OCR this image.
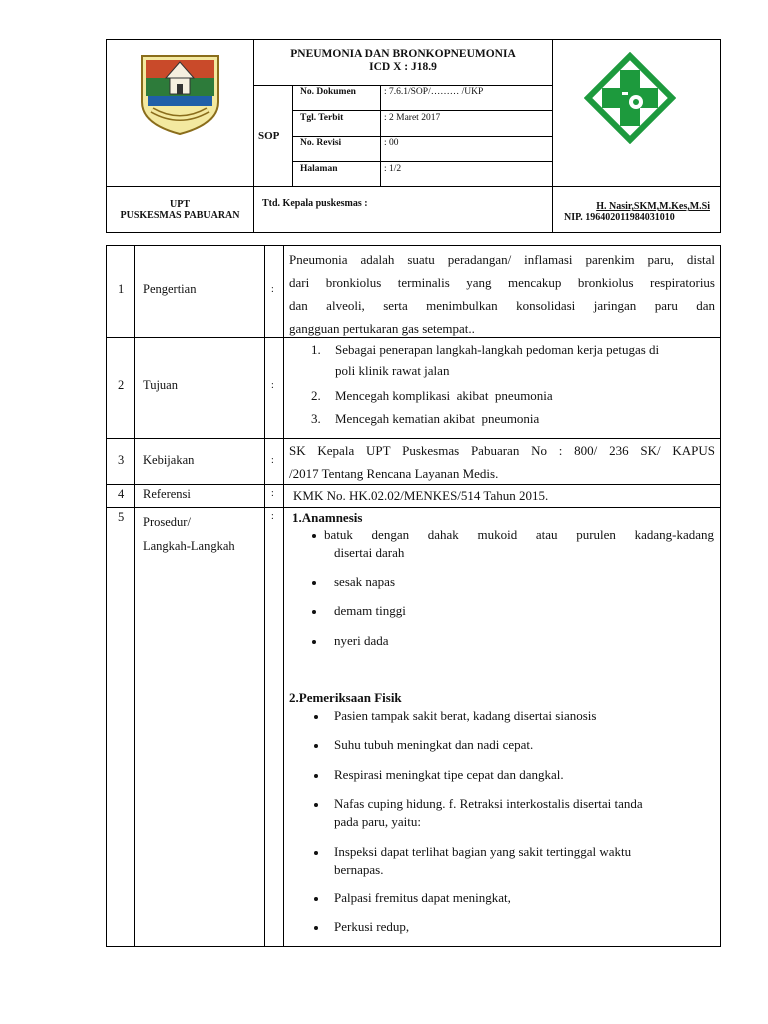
PNEUMONIA DAN BRONKOPNEUMONIA
ICD X : J18.9
SOP
No. Dokumen	: 7.6.1/SOP/……… /UKP
Tgl. Terbit	: 2 Maret 2017
No. Revisi	: 00
Halaman	: 1/2
UPT
PUSKESMAS PABUARAN
Ttd. Kepala puskesmas :	H. Nasir,SKM,M.Kes,M.Si
NIP. 196402011984031010
1 Pengertian	:
Pneumonia adalah suatu peradangan/ inflamasi parenkim paru, distal
dari bronkiolus terminalis yang mencakup bronkiolus respiratorius
dan alveoli, serta menimbulkan konsolidasi jaringan paru dan
gangguan pertukaran gas setempat..
2 Tujuan	:
1. Sebagai penerapan langkah-langkah pedoman kerja petugas di
poli klinik rawat jalan
2. Mencegah komplikasi  akibat  pneumonia
3. Mencegah kematian akibat  pneumonia
3 Kebijakan	:
SK Kepala UPT Puskesmas Pabuaran No : 800/ 236 SK/ KAPUS
/2017 Tentang Rencana Layanan Medis.
4 Referensi	: KMK No. HK.02.02/MENKES/514 Tahun 2015.
5 Prosedur/
Langkah-Langkah
: 1.Anamnesis
batuk dengan dahak mukoid atau purulen kadang-kadang
disertai darah
sesak napas
demam tinggi
nyeri dada
2.Pemeriksaan Fisik
Pasien tampak sakit berat, kadang disertai sianosis
Suhu tubuh meningkat dan nadi cepat.
Respirasi meningkat tipe cepat dan dangkal.
Nafas cuping hidung. f. Retraksi interkostalis disertai tanda
pada paru, yaitu:
Inspeksi dapat terlihat bagian yang sakit tertinggal waktu
bernapas.
Palpasi fremitus dapat meningkat,
Perkusi redup,
